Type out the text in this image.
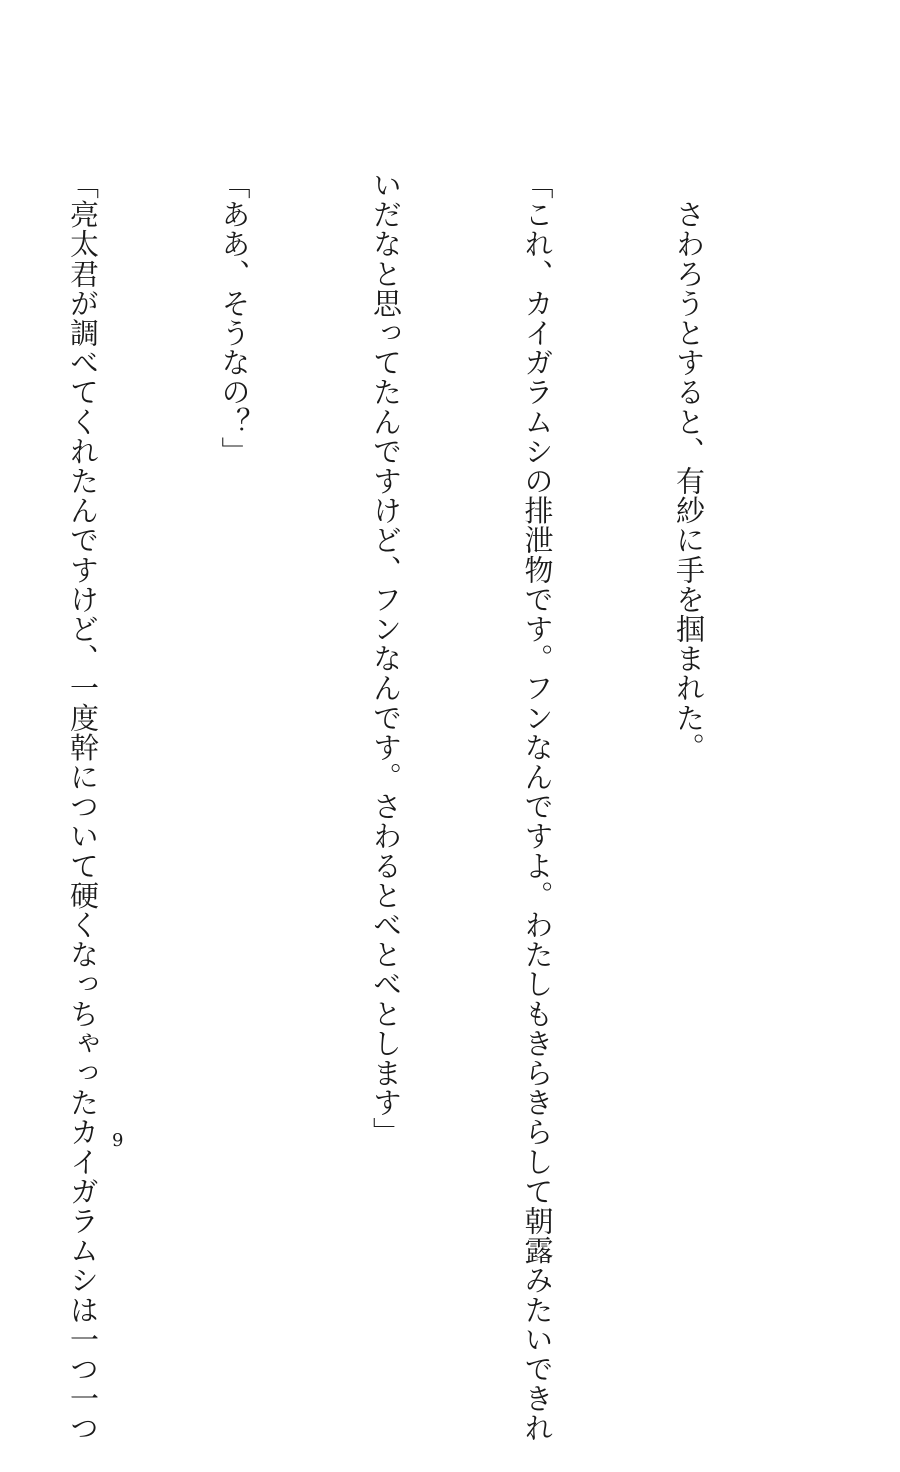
　さわろうとすると、有紗に手を掴まれた。

「これ、カイガラムシの排泄物です。フンなんですよ。わたしもきらきらして朝露みたいできれ

いだなと思ってたんですけど、フンなんです。さわるとべとべとします」

「ああ、そうなの？」

「亮太君が調べてくれたんですけど、一度幹について硬くなっちゃったカイガラムシは一つ一つ

9
